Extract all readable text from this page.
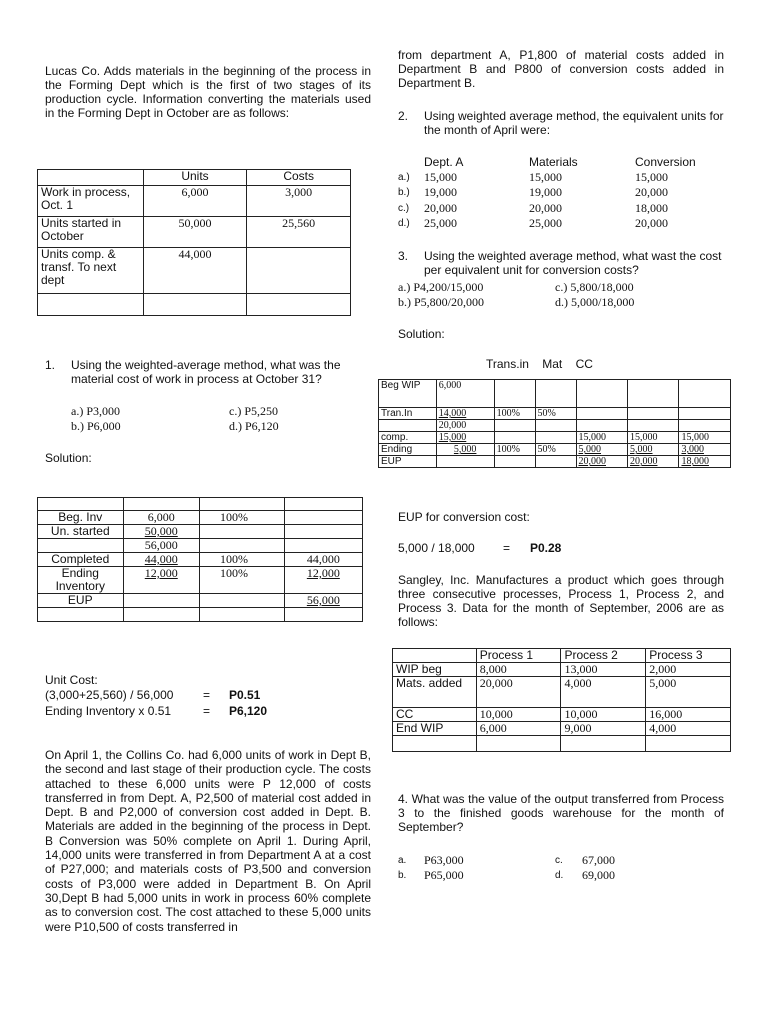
Lucas Co. Adds materials in the beginning of the process in the Forming Dept which is the first of two stages of its production cycle. Information converting the materials used in the Forming Dept in October are as follows:
	Units	Costs
Work in process, Oct. 1	6,000	3,000
Units started in October	50,000	25,560
Units comp. & transf. To next dept	44,000	

1. Using the weighted-average method, what was the material cost of work in process at October 31?
a.) P3,000
b.) P6,000
c.) P5,250
d.) P6,120
Solution:

Beg. Inv	6,000	100%	
Un. started	50,000		
	56,000		
Completed	44,000	100%	44,000
Ending Inventory	12,000	100%	12,000
EUP			56,000

Unit Cost:
(3,000+25,560) / 56,000 = P0.51
Ending Inventory x 0.51	= P6,120
On April 1, the Collins Co. had 6,000 units of work in Dept B, the second and last stage of their production cycle. The costs attached to these 6,000 units were P 12,000 of costs transferred in from Dept. A, P2,500 of material cost added in Dept. B and P2,000 of conversion cost added in Dept. B. Materials are added in the beginning of the process in Dept. B Conversion was 50% complete on April 1. During April, 14,000 units were transferred in from Department A at a cost of P27,000; and materials costs of P3,500 and conversion costs of P3,000 were added in Department B. On April 30,Dept B had 5,000 units in work in process 60% complete as to conversion cost. The cost attached to these 5,000 units were P10,500 of costs transferred in
from department A, P1,800 of material costs added in Department B and P800 of conversion costs added in Department B.
2. Using weighted average method, the equivalent units for the month of April were:
Dept. A	Materials	Conversion
a.) 15,000	15,000	15,000
b.) 19,000	19,000	20,000
c.) 20,000	20,000	18,000
d.) 25,000	25,000	20,000
3. Using the weighted average method, what wast the cost per equivalent unit for conversion costs?
a.) P4,200/15,000
b.) P5,800/20,000
c.) 5,800/18,000
d.) 5,000/18,000
Solution:
Trans.in    Mat    CC
Beg WIP	6,000					
Tran.In	14,000	100%	50%			
	20,000					
comp.	15,000			15,000	15,000	15,000
Ending	5,000	100%	50%	5,000	5,000	3,000
EUP				20,000	20,000	18,000
EUP for conversion cost:
5,000 / 18,000 = P0.28
Sangley, Inc. Manufactures a product which goes through three consecutive processes, Process 1, Process 2, and Process 3. Data for the month of September, 2006 are as follows:
	Process 1	Process 2	Process 3
WIP beg	8,000	13,000	2,000
Mats. added	20,000	4,000	5,000
CC	10,000	10,000	16,000
End WIP	6,000	9,000	4,000

4. What was the value of the output transferred from Process 3 to the finished goods warehouse for the month of September?
a. P63,000
b. P65,000
c. 67,000
d. 69,000
